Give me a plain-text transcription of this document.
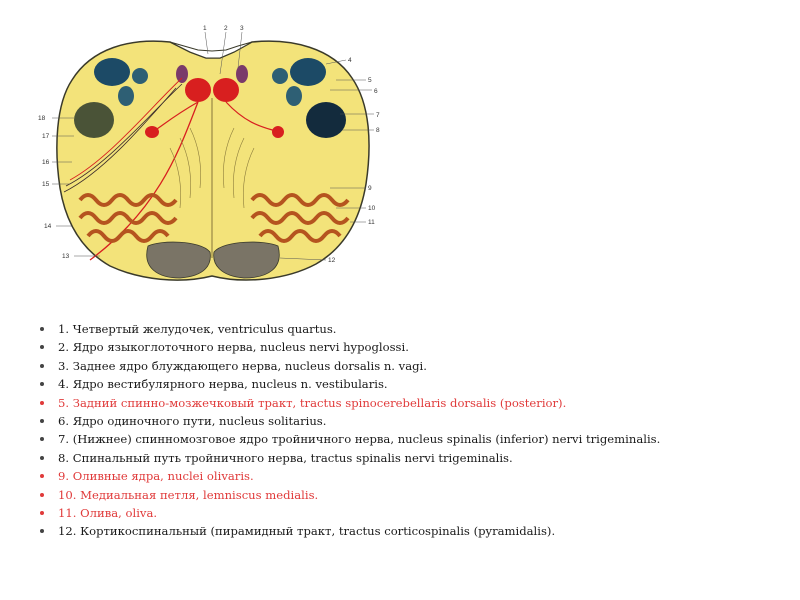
1	2 3
4
5
6
7
8
9
10
11
12
13
14
15
16
17
18
1. Четвертый желудочек, ventriculus quartus.
2. Ядро языкоглоточного нерва, nucleus nervi hypoglossi.
3. Заднее ядро блуждающего нерва, nucleus dorsalis n. vagi.
4. Ядро вестибулярного нерва, nucleus n. vestibularis.
5. Задний спинно-мозжечковый тракт, tractus spinocerebellaris dorsalis (posterior).
6. Ядро одиночного пути, nucleus solitarius.
7. (Нижнее) спинномозговое ядро тройничного нерва, nucleus spinalis (inferior) nervi trigeminalis.
8. Спинальный путь тройничного нерва, tractus spinalis nervi trigeminalis.
9. Оливные ядра, nuclei olivaris.
10. Медиальная петля, lemniscus medialis.
11. Олива, oliva.
12. Кортикоспинальный (пирамидный тракт, tractus corticospinalis (pyramidalis).
